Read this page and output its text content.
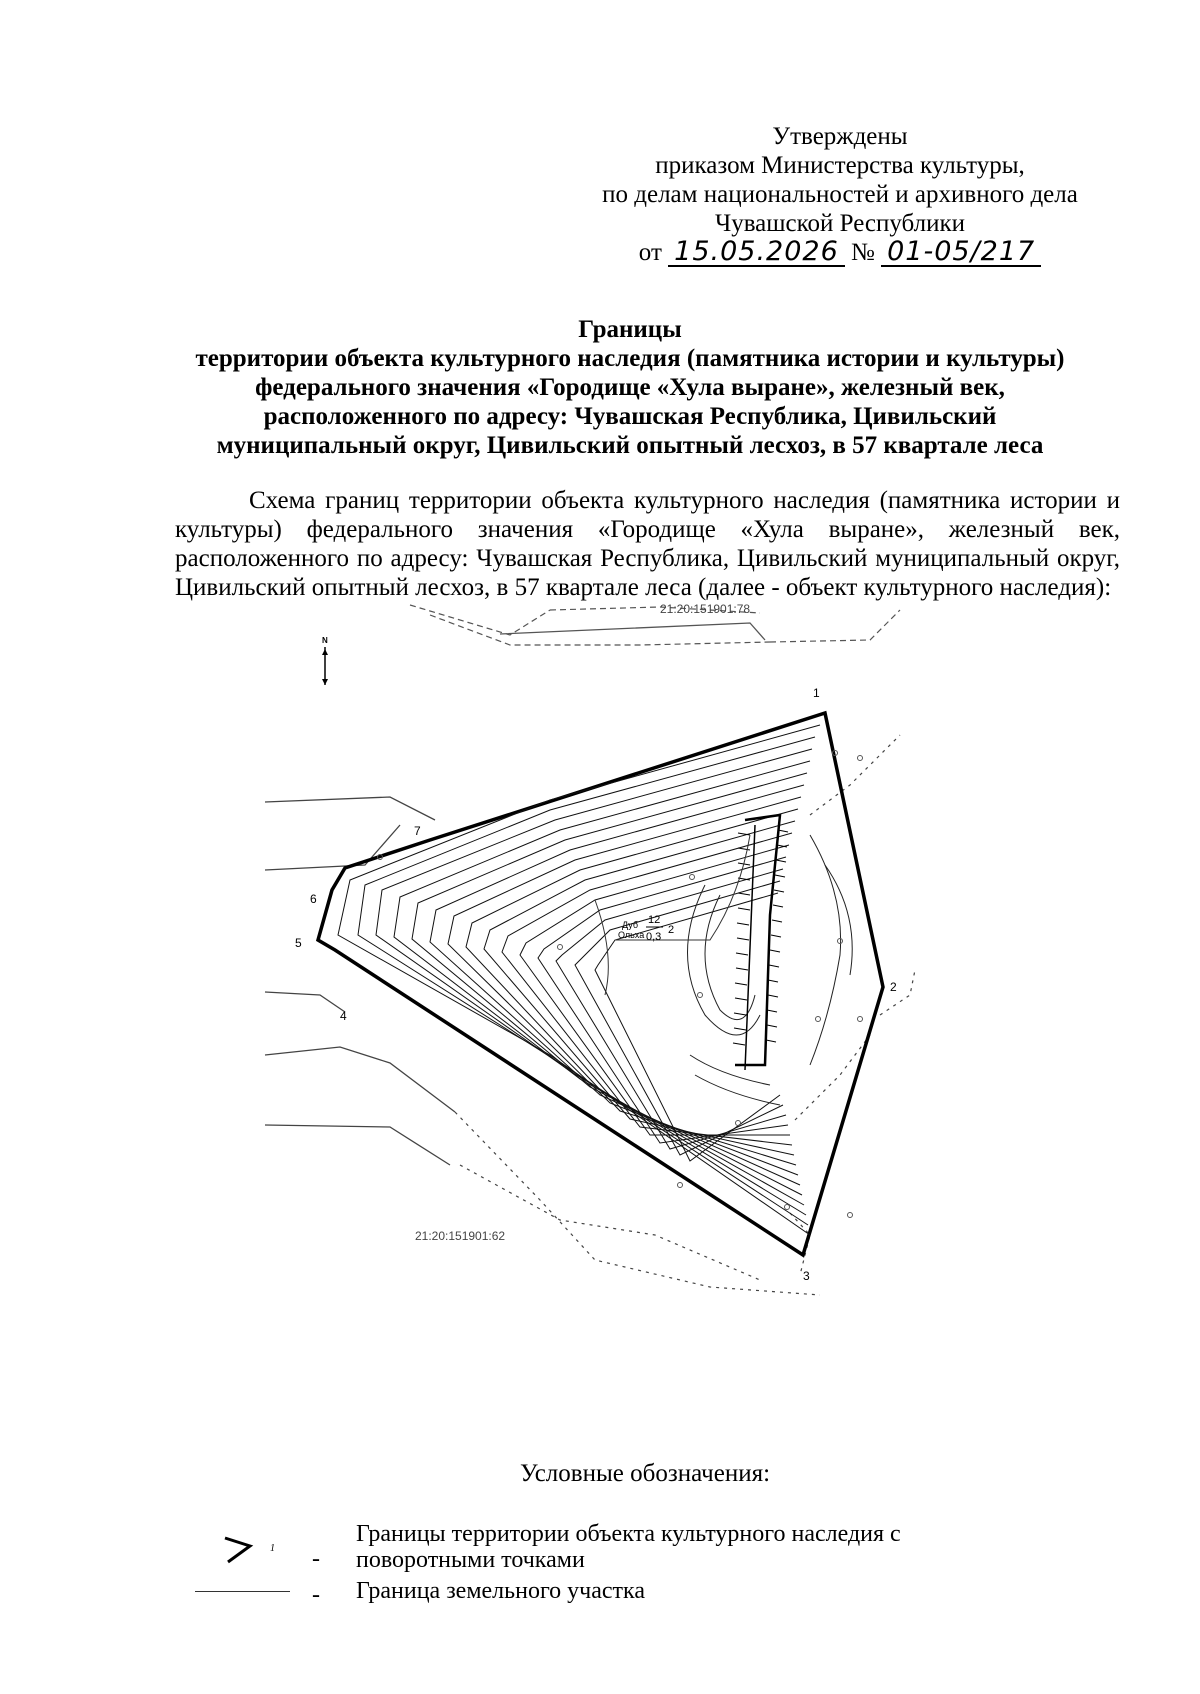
Утверждены
приказом Министерства культуры,
по делам национальностей и архивного дела
Чувашской Республики
от 15.05.2026 № 01-05/217
Границы
территории объекта культурного наследия (памятника истории и культуры)
федерального значения «Городище «Хула выране», железный век,
расположенного по адресу: Чувашская Республика, Цивильский
муниципальный округ, Цивильский опытный лесхоз, в 57 квартале леса

Схема границ территории объекта культурного наследия (памятника истории и культуры) федерального значения «Городище «Хула выране», железный век, расположенного по адресу: Чувашская Республика, Цивильский муниципальный округ, Цивильский опытный лесхоз, в 57 квартале леса (далее - объект культурного наследия):

1
2
3
4
5
6
7
21:20:151901:78
21:20:151901:62
Дуб
Ольха
12
0,3
2
N
Условные обозначения:
1 -
Границы территории объекта культурного наследия с
поворотными точками
- Граница земельного участка
